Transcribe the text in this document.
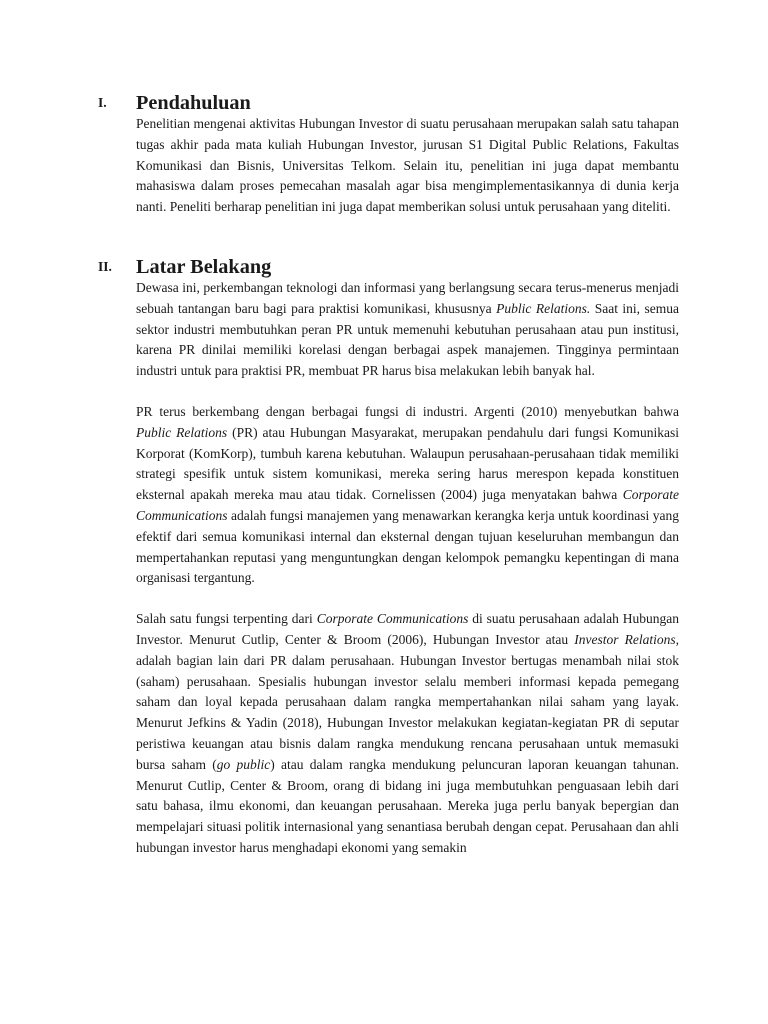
I.	Pendahuluan

Penelitian mengenai aktivitas Hubungan Investor di suatu perusahaan merupakan salah satu tahapan tugas akhir pada mata kuliah Hubungan Investor, jurusan S1 Digital Public Relations, Fakultas Komunikasi dan Bisnis, Universitas Telkom. Selain itu, penelitian ini juga dapat membantu mahasiswa dalam proses pemecahan masalah agar bisa mengimplementasikannya di dunia kerja nanti. Peneliti berharap penelitian ini juga dapat memberikan solusi untuk perusahaan yang diteliti.

II.	Latar Belakang

Dewasa ini, perkembangan teknologi dan informasi yang berlangsung secara terus-menerus menjadi sebuah tantangan baru bagi para praktisi komunikasi, khususnya Public Relations. Saat ini, semua sektor industri membutuhkan peran PR untuk memenuhi kebutuhan perusahaan atau pun institusi, karena PR dinilai memiliki korelasi dengan berbagai aspek manajemen. Tingginya permintaan industri untuk para praktisi PR, membuat PR harus bisa melakukan lebih banyak hal.

PR terus berkembang dengan berbagai fungsi di industri. Argenti (2010) menyebutkan bahwa Public Relations (PR) atau Hubungan Masyarakat, merupakan pendahulu dari fungsi Komunikasi Korporat (KomKorp), tumbuh karena kebutuhan. Walaupun perusahaan-perusahaan tidak memiliki strategi spesifik untuk sistem komunikasi, mereka sering harus merespon kepada konstituen eksternal apakah mereka mau atau tidak. Cornelissen (2004) juga menyatakan bahwa Corporate Communications adalah fungsi manajemen yang menawarkan kerangka kerja untuk koordinasi yang efektif dari semua komunikasi internal dan eksternal dengan tujuan keseluruhan membangun dan mempertahankan reputasi yang menguntungkan dengan kelompok pemangku kepentingan di mana organisasi tergantung.

Salah satu fungsi terpenting dari Corporate Communications di suatu perusahaan adalah Hubungan Investor. Menurut Cutlip, Center & Broom (2006), Hubungan Investor atau Investor Relations, adalah bagian lain dari PR dalam perusahaan. Hubungan Investor bertugas menambah nilai stok (saham) perusahaan. Spesialis hubungan investor selalu memberi informasi kepada pemegang saham dan loyal kepada perusahaan dalam rangka mempertahankan nilai saham yang layak. Menurut Jefkins & Yadin (2018), Hubungan Investor melakukan kegiatan-kegiatan PR di seputar peristiwa keuangan atau bisnis dalam rangka mendukung rencana perusahaan untuk memasuki bursa saham (go public) atau dalam rangka mendukung peluncuran laporan keuangan tahunan. Menurut Cutlip, Center & Broom, orang di bidang ini juga membutuhkan penguasaan lebih dari satu bahasa, ilmu ekonomi, dan keuangan perusahaan. Mereka juga perlu banyak bepergian dan mempelajari situasi politik internasional yang senantiasa berubah dengan cepat. Perusahaan dan ahli hubungan investor harus menghadapi ekonomi yang semakin
